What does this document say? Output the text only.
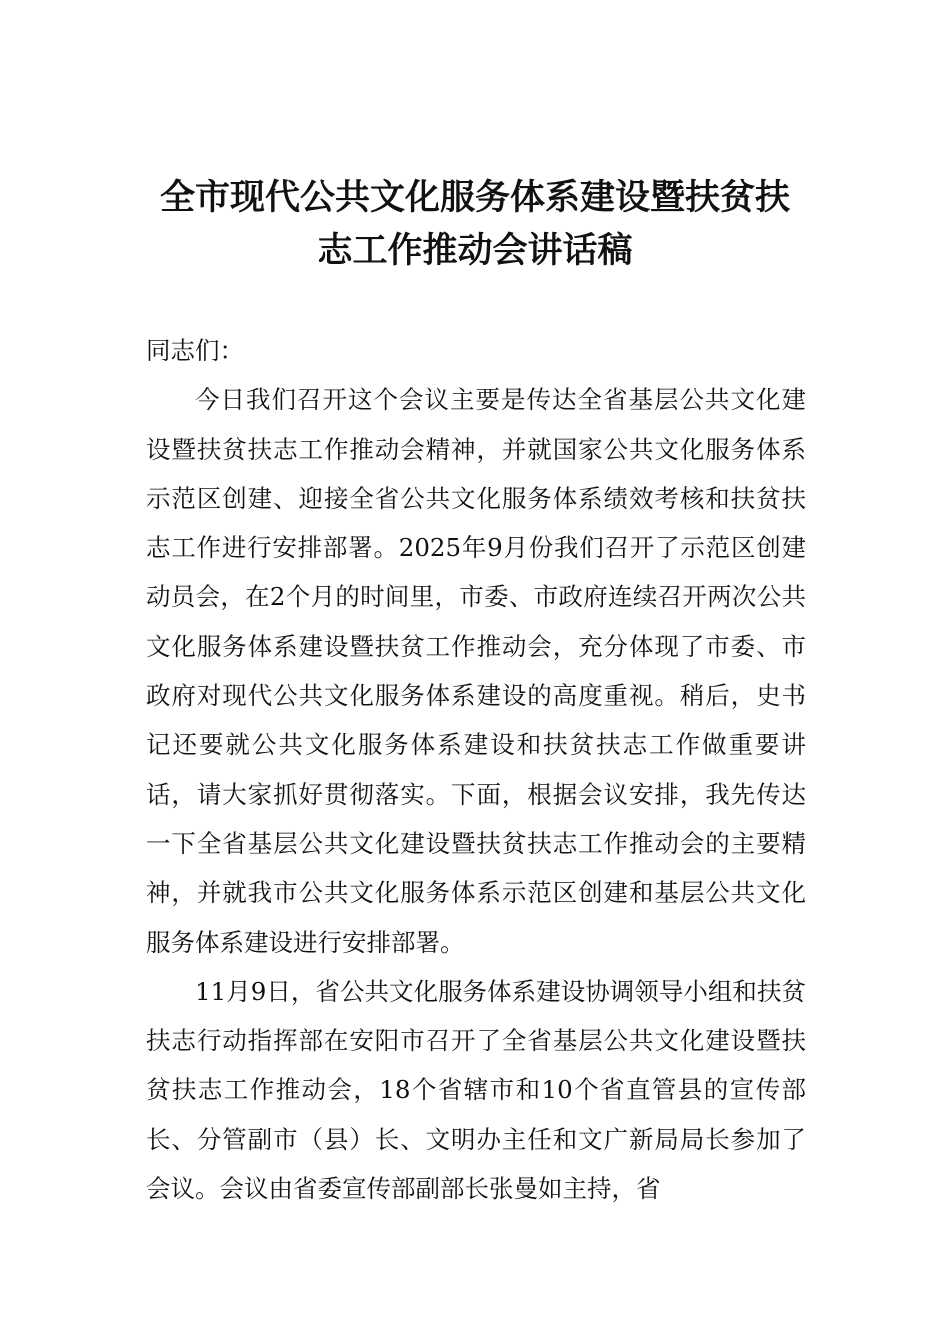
全市现代公共文化服务体系建设暨扶贫扶
志工作推动会讲话稿

同志们：

今日我们召开这个会议主要是传达全省基层公共文化建设暨扶贫扶志工作推动会精神，并就国家公共文化服务体系示范区创建、迎接全省公共文化服务体系绩效考核和扶贫扶志工作进行安排部署。2025年9月份我们召开了示范区创建动员会，在2个月的时间里，市委、市政府连续召开两次公共文化服务体系建设暨扶贫工作推动会，充分体现了市委、市政府对现代公共文化服务体系建设的高度重视。稍后，史书记还要就公共文化服务体系建设和扶贫扶志工作做重要讲话，请大家抓好贯彻落实。下面，根据会议安排，我先传达一下全省基层公共文化建设暨扶贫扶志工作推动会的主要精神，并就我市公共文化服务体系示范区创建和基层公共文化服务体系建设进行安排部署。

11月9日，省公共文化服务体系建设协调领导小组和扶贫扶志行动指挥部在安阳市召开了全省基层公共文化建设暨扶贫扶志工作推动会，18个省辖市和10个省直管县的宣传部长、分管副市（县）长、文明办主任和文广新局局长参加了会议。会议由省委宣传部副部长张曼如主持，省
